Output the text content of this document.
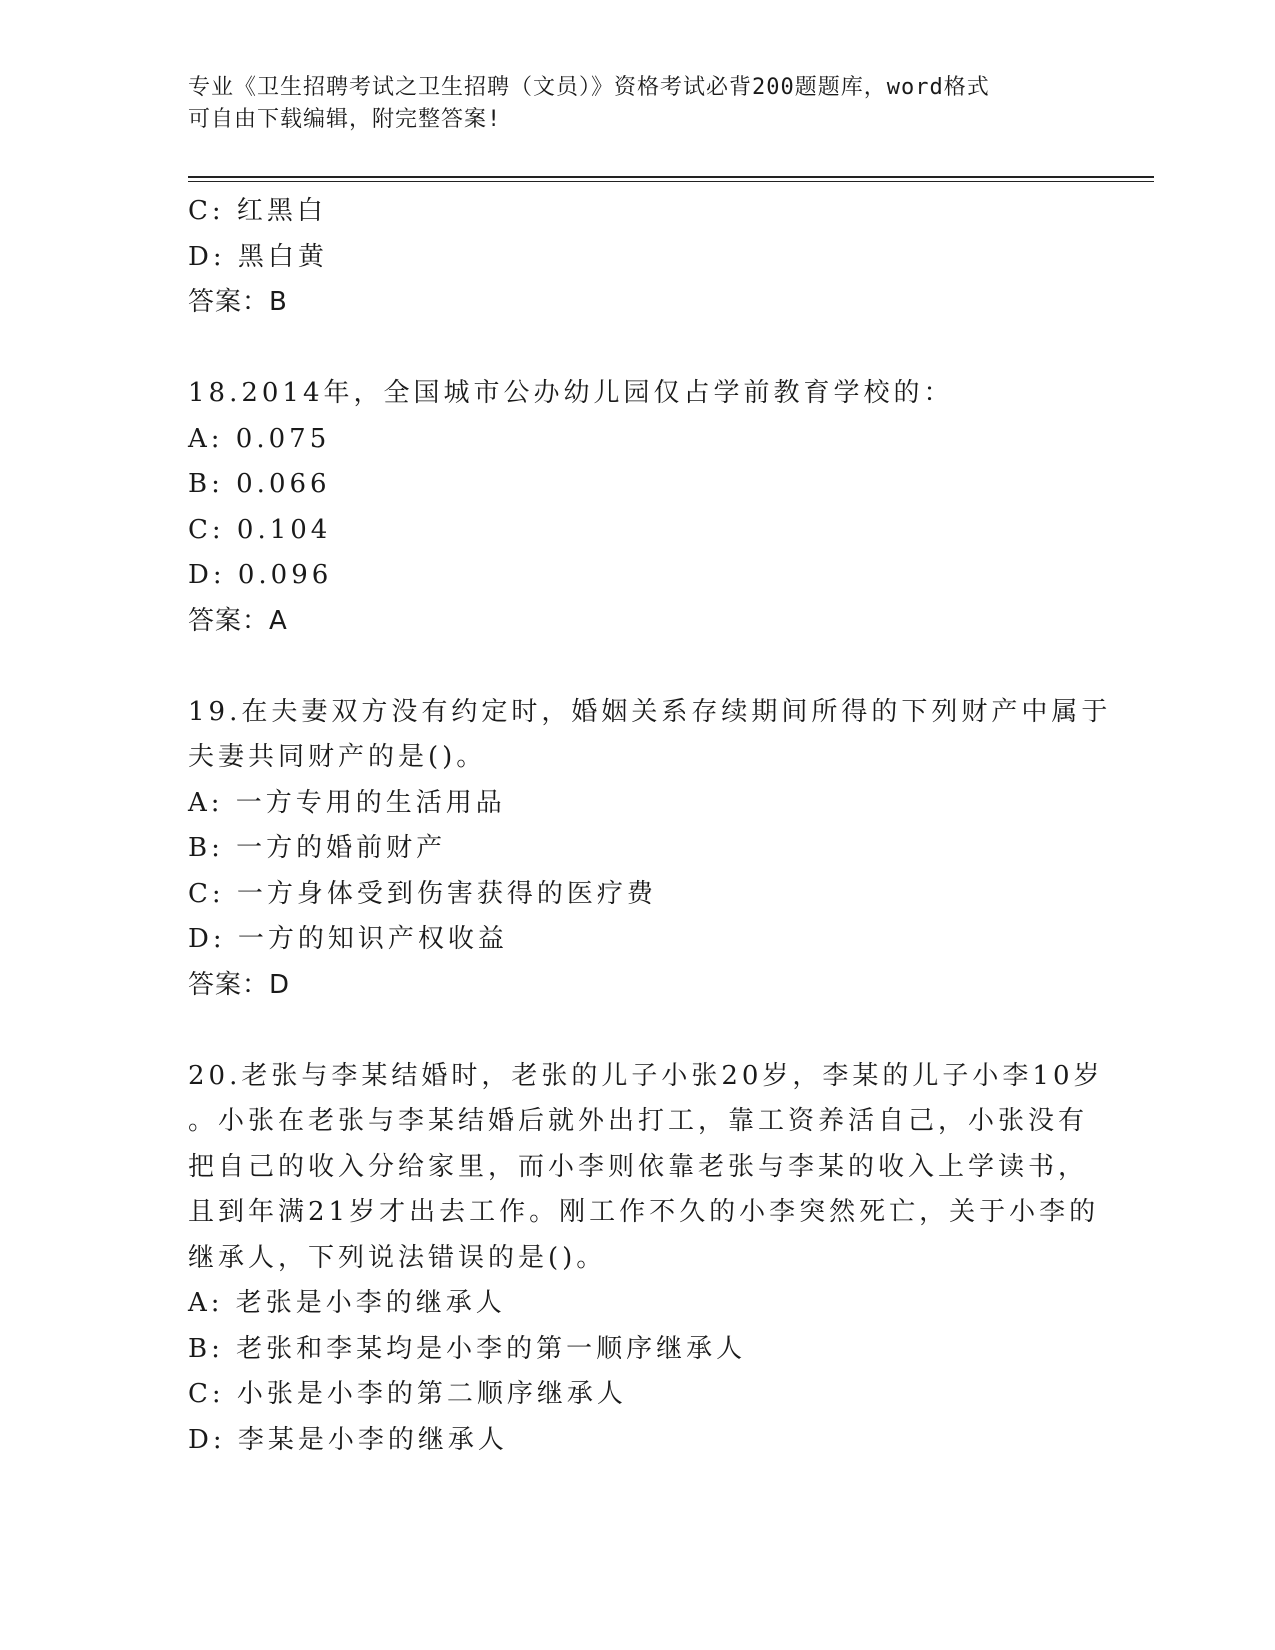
专业《卫生招聘考试之卫生招聘（文员）》资格考试必背200题题库，word格式
可自由下载编辑，附完整答案!
C: 红黑白
D: 黑白黄
答案：B
18.2014年，全国城市公办幼儿园仅占学前教育学校的：
A: 0.075
B: 0.066
C: 0.104
D: 0.096
答案：A
19.在夫妻双方没有约定时，婚姻关系存续期间所得的下列财产中属于
夫妻共同财产的是()。
A: 一方专用的生活用品
B: 一方的婚前财产
C: 一方身体受到伤害获得的医疗费
D: 一方的知识产权收益
答案：D
20.老张与李某结婚时，老张的儿子小张20岁，李某的儿子小李10岁
。小张在老张与李某结婚后就外出打工，靠工资养活自己，小张没有
把自己的收入分给家里，而小李则依靠老张与李某的收入上学读书，
且到年满21岁才出去工作。刚工作不久的小李突然死亡，关于小李的
继承人，下列说法错误的是()。
A: 老张是小李的继承人
B: 老张和李某均是小李的第一顺序继承人
C: 小张是小李的第二顺序继承人
D: 李某是小李的继承人
